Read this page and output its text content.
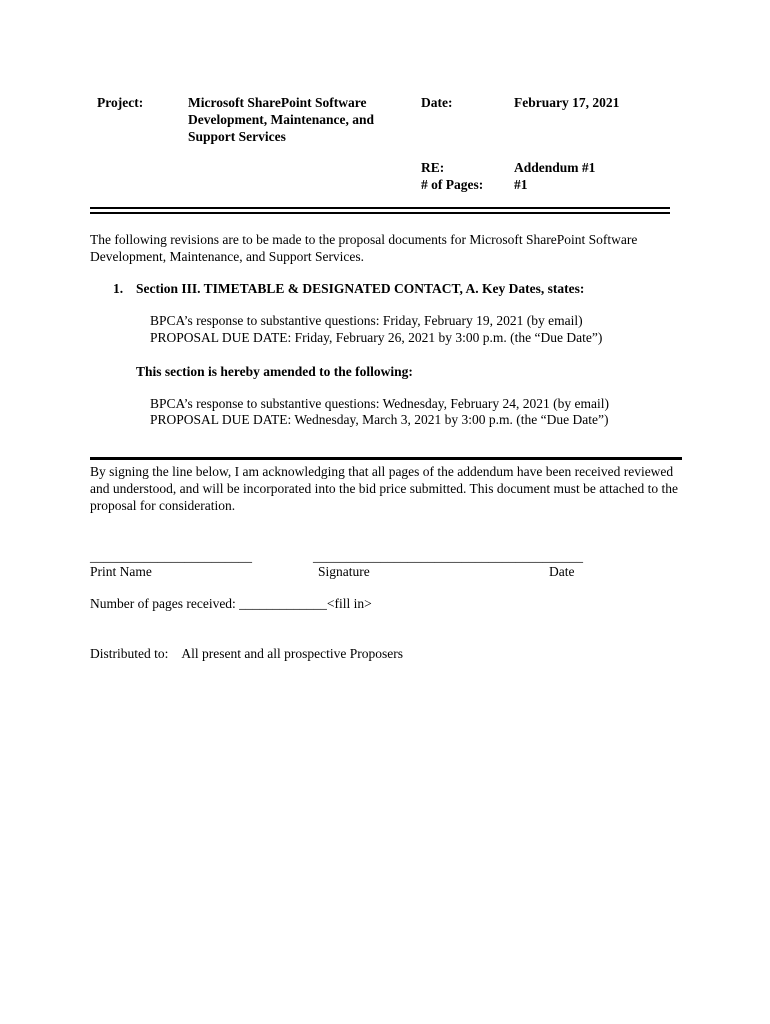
Project:	Microsoft SharePoint Software
Development, Maintenance, and
Support Services
Date:	February 17, 2021
RE:	Addendum #1
# of Pages: #1
The following revisions are to be made to the proposal documents for Microsoft SharePoint Software Development, Maintenance, and Support Services.
1. Section III. TIMETABLE & DESIGNATED CONTACT, A. Key Dates, states:
BPCA’s response to substantive questions: Friday, February 19, 2021 (by email)
PROPOSAL DUE DATE: Friday, February 26, 2021 by 3:00 p.m. (the “Due Date”)
This section is hereby amended to the following:
BPCA’s response to substantive questions: Wednesday, February 24, 2021 (by email)
PROPOSAL DUE DATE: Wednesday, March 3, 2021 by 3:00 p.m. (the “Due Date”)
By signing the line below, I am acknowledging that all pages of the addendum have been received reviewed and understood, and will be incorporated into the bid price submitted. This document must be attached to the proposal for consideration.
________________________	________________________________________
Print Name	Signature	Date
Number of pages received: _____________<fill in>
Distributed to: All present and all prospective Proposers
